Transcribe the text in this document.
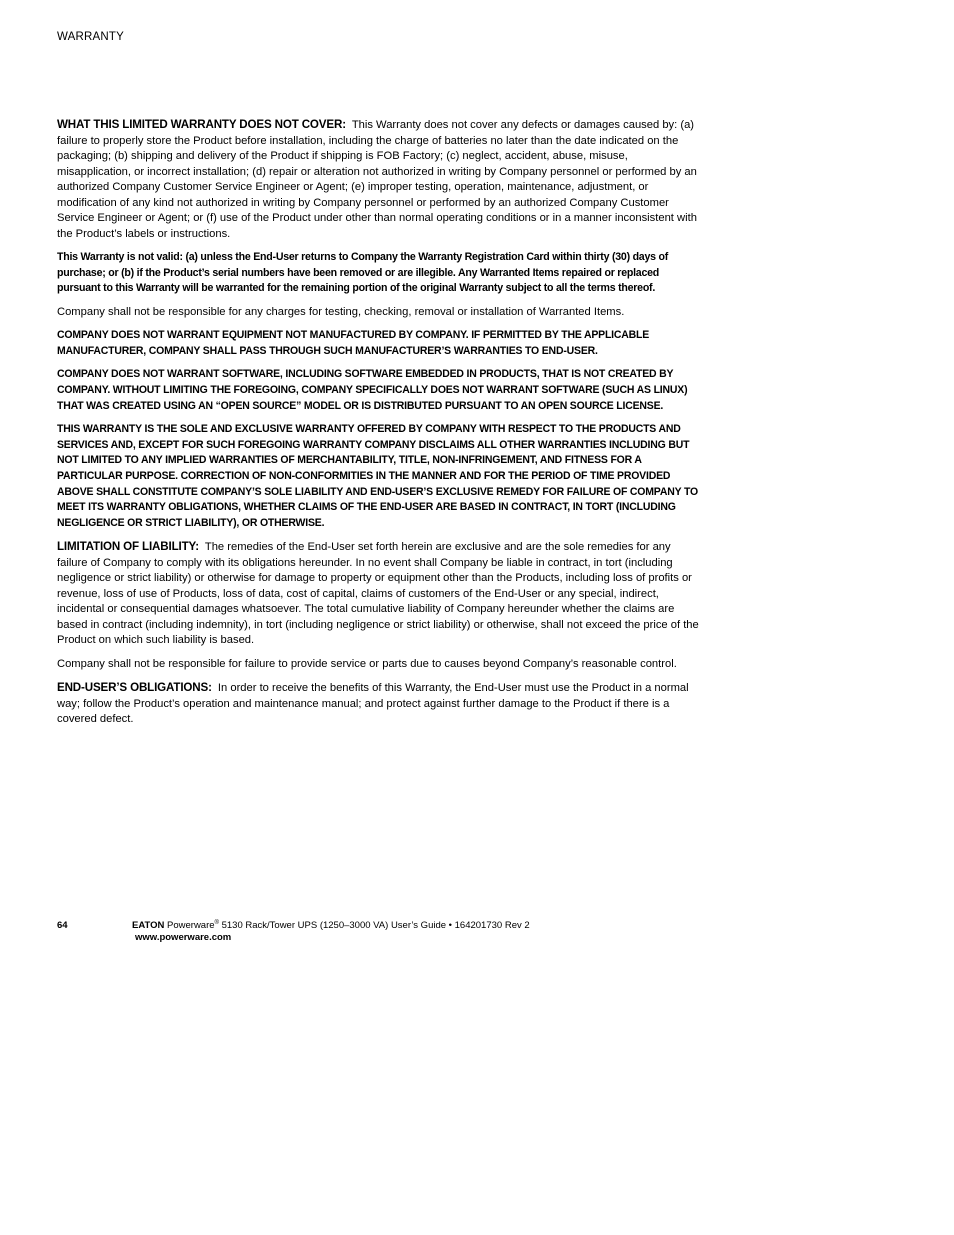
WARRANTY

WHAT THIS LIMITED WARRANTY DOES NOT COVER: This Warranty does not cover any defects or damages caused by: (a) failure to properly store the Product before installation, including the charge of batteries no later than the date indicated on the packaging; (b) shipping and delivery of the Product if shipping is FOB Factory; (c) neglect, accident, abuse, misuse, misapplication, or incorrect installation; (d) repair or alteration not authorized in writing by Company personnel or performed by an authorized Company Customer Service Engineer or Agent; (e) improper testing, operation, maintenance, adjustment, or modification of any kind not authorized in writing by Company personnel or performed by an authorized Company Customer Service Engineer or Agent; or (f) use of the Product under other than normal operating conditions or in a manner inconsistent with the Product’s labels or instructions.

This Warranty is not valid: (a) unless the End-User returns to Company the Warranty Registration Card within thirty (30) days of purchase; or (b) if the Product’s serial numbers have been removed or are illegible. Any Warranted Items repaired or replaced pursuant to this Warranty will be warranted for the remaining portion of the original Warranty subject to all the terms thereof.

Company shall not be responsible for any charges for testing, checking, removal or installation of Warranted Items.

COMPANY DOES NOT WARRANT EQUIPMENT NOT MANUFACTURED BY COMPANY. IF PERMITTED BY THE APPLICABLE MANUFACTURER, COMPANY SHALL PASS THROUGH SUCH MANUFACTURER’S WARRANTIES TO END-USER.

COMPANY DOES NOT WARRANT SOFTWARE, INCLUDING SOFTWARE EMBEDDED IN PRODUCTS, THAT IS NOT CREATED BY COMPANY. WITHOUT LIMITING THE FOREGOING, COMPANY SPECIFICALLY DOES NOT WARRANT SOFTWARE (SUCH AS LINUX) THAT WAS CREATED USING AN “OPEN SOURCE” MODEL OR IS DISTRIBUTED PURSUANT TO AN OPEN SOURCE LICENSE.

THIS WARRANTY IS THE SOLE AND EXCLUSIVE WARRANTY OFFERED BY COMPANY WITH RESPECT TO THE PRODUCTS AND SERVICES AND, EXCEPT FOR SUCH FOREGOING WARRANTY COMPANY DISCLAIMS ALL OTHER WARRANTIES INCLUDING BUT NOT LIMITED TO ANY IMPLIED WARRANTIES OF MERCHANTABILITY, TITLE, NON-INFRINGEMENT, AND FITNESS FOR A PARTICULAR PURPOSE. CORRECTION OF NON-CONFORMITIES IN THE MANNER AND FOR THE PERIOD OF TIME PROVIDED ABOVE SHALL CONSTITUTE COMPANY’S SOLE LIABILITY AND END-USER’S EXCLUSIVE REMEDY FOR FAILURE OF COMPANY TO MEET ITS WARRANTY OBLIGATIONS, WHETHER CLAIMS OF THE END-USER ARE BASED IN CONTRACT, IN TORT (INCLUDING NEGLIGENCE OR STRICT LIABILITY), OR OTHERWISE.

LIMITATION OF LIABILITY: The remedies of the End-User set forth herein are exclusive and are the sole remedies for any failure of Company to comply with its obligations hereunder. In no event shall Company be liable in contract, in tort (including negligence or strict liability) or otherwise for damage to property or equipment other than the Products, including loss of profits or revenue, loss of use of Products, loss of data, cost of capital, claims of customers of the End-User or any special, indirect, incidental or consequential damages whatsoever. The total cumulative liability of Company hereunder whether the claims are based in contract (including indemnity), in tort (including negligence or strict liability) or otherwise, shall not exceed the price of the Product on which such liability is based.

Company shall not be responsible for failure to provide service or parts due to causes beyond Company’s reasonable control.

END-USER’S OBLIGATIONS: In order to receive the benefits of this Warranty, the End-User must use the Product in a normal way; follow the Product’s operation and maintenance manual; and protect against further damage to the Product if there is a covered defect.

64	EATON Powerware® 5130 Rack/Tower UPS (1250–3000 VA) User’s Guide • 164201730 Rev 2
www.powerware.com
